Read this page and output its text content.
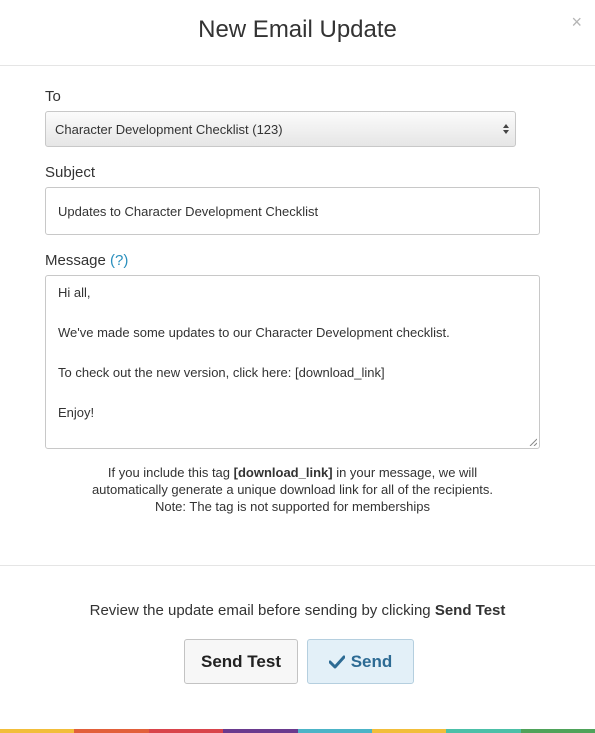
New Email Update	×
To
Character Development Checklist (123)
Subject
Updates to Character Development Checklist
Message (?)
Hi all,
We've made some updates to our Character Development checklist.
To check out the new version, click here: [download_link]
Enjoy!
If you include this tag [download_link] in your message, we will
automatically generate a unique download link for all of the recipients.
Note: The tag is not supported for memberships
Review the update email before sending by clicking Send Test
Send Test	Send
